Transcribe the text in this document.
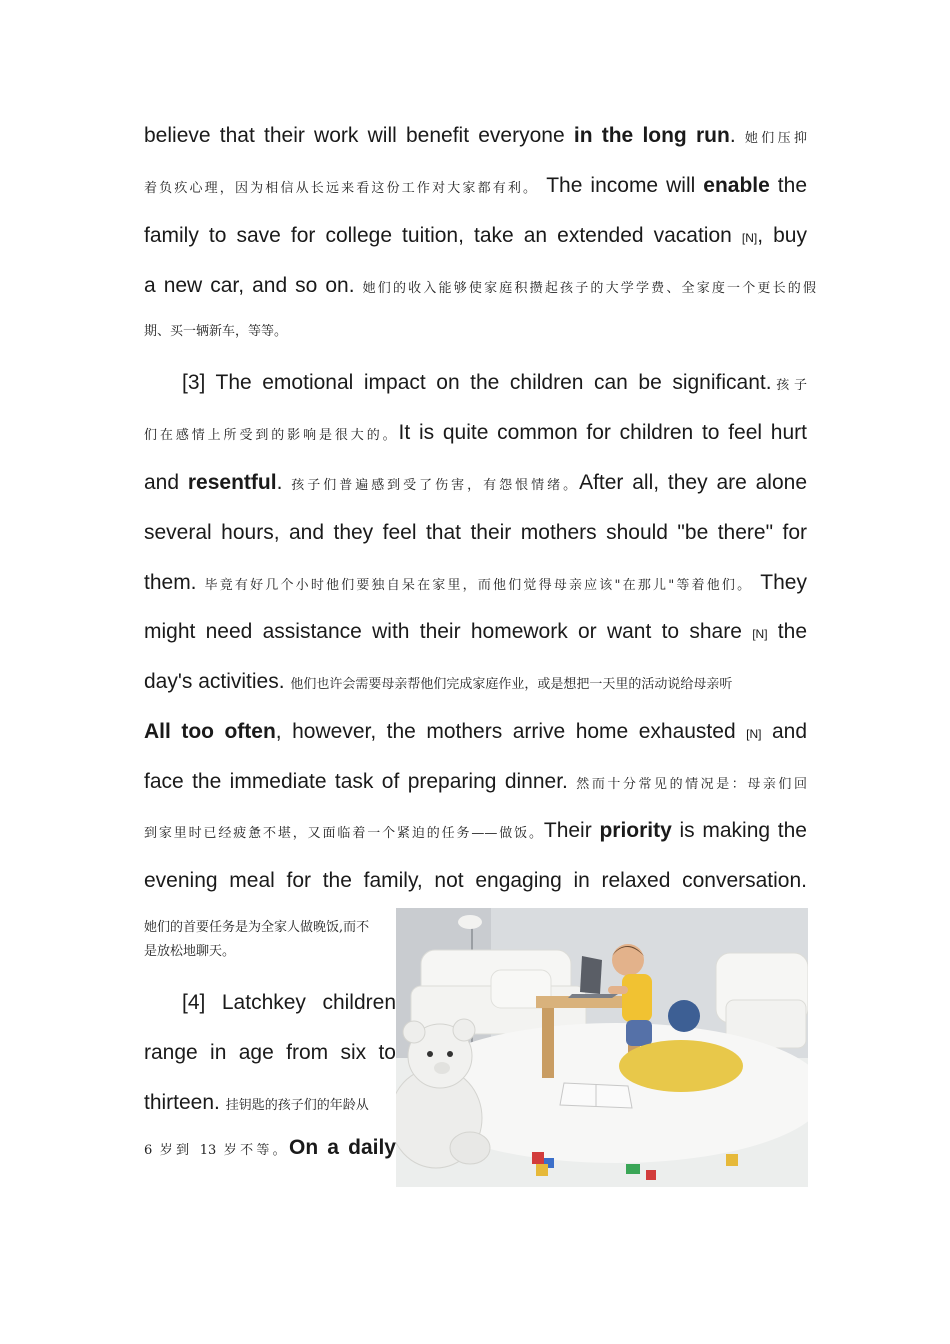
believe that their work will benefit everyone in the long run. 她们压抑
着负疚心理，因为相信从长远来看这份工作对大家都有利。 The income will enable the
family to save for college tuition, take an extended vacation [N], buy
a new car, and so on. 她们的收入能够使家庭积攒起孩子的大学学费、全家度一个更长的假
期、买一辆新车，等等。
[3] The emotional impact on the children can be significant.孩子
们在感情上所受到的影响是很大的。It is quite common for children to feel hurt
and resentful. 孩子们普遍感到受了伤害，有怨恨情绪。After all, they are alone
several hours, and they feel that their mothers should "be there" for
them. 毕竟有好几个小时他们要独自呆在家里，而他们觉得母亲应该"在那儿"等着他们。 They
might need assistance with their homework or want to share [N] the
day's activities. 他们也许会需要母亲帮他们完成家庭作业，或是想把一天里的活动说给母亲听
All too often, however, the mothers arrive home exhausted [N] and
face the immediate task of preparing dinner. 然而十分常见的情况是：母亲们回
到家里时已经疲惫不堪，又面临着一个紧迫的任务——做饭。Their priority is making the
evening meal for the family, not engaging in relaxed conversation.
她们的首要任务是为全家人做晚饭,而不
是放松地聊天。
[4] Latchkey children
range in age from six to
thirteen. 挂钥匙的孩子们的年龄从
6 岁到 13 岁不等。On a daily
